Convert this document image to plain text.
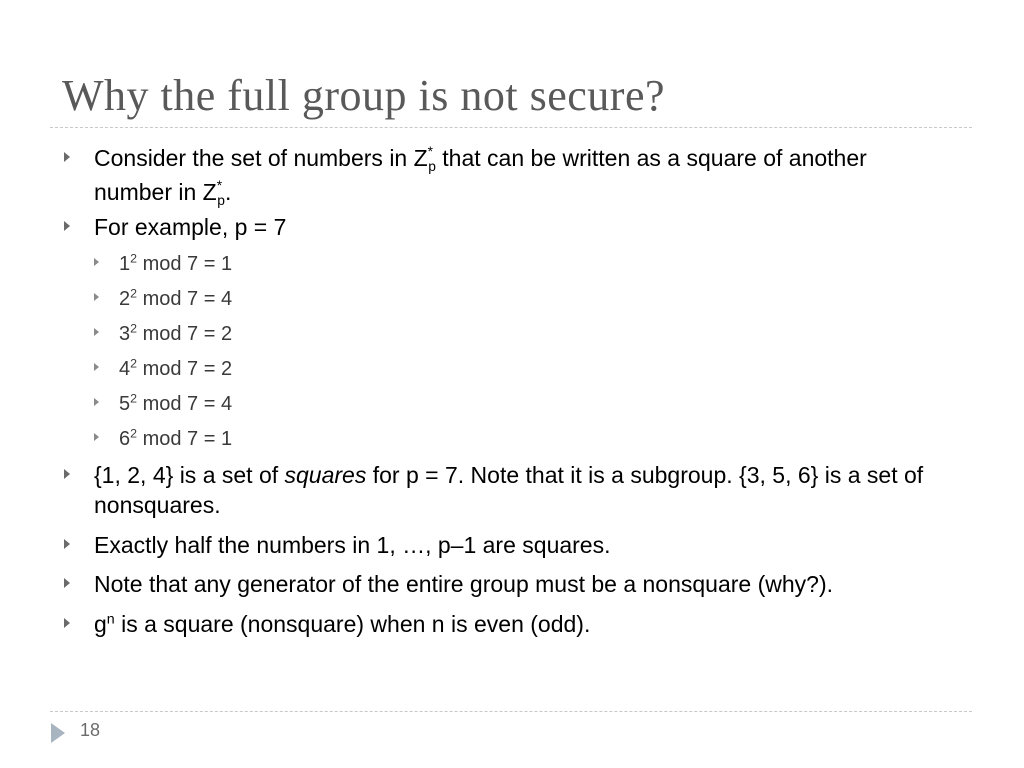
Why the full group is not secure?
Consider the set of numbers in $Z^*_p$ that can be written as a square of another number in $Z^*_p$.
For example, p = 7
$1^2$ mod 7 = 1
$2^2$ mod 7 = 4
$3^2$ mod 7 = 2
$4^2$ mod 7 = 2
$5^2$ mod 7 = 4
$6^2$ mod 7 = 1
{1, 2, 4} is a set of squares for p = 7. Note that it is a subgroup. {3, 5, 6} is a set of nonsquares.
Exactly half the numbers in 1, …, p–1 are squares.
Note that any generator of the entire group must be a nonsquare (why?).
$g^n$ is a square (nonsquare) when n is even (odd).
18
